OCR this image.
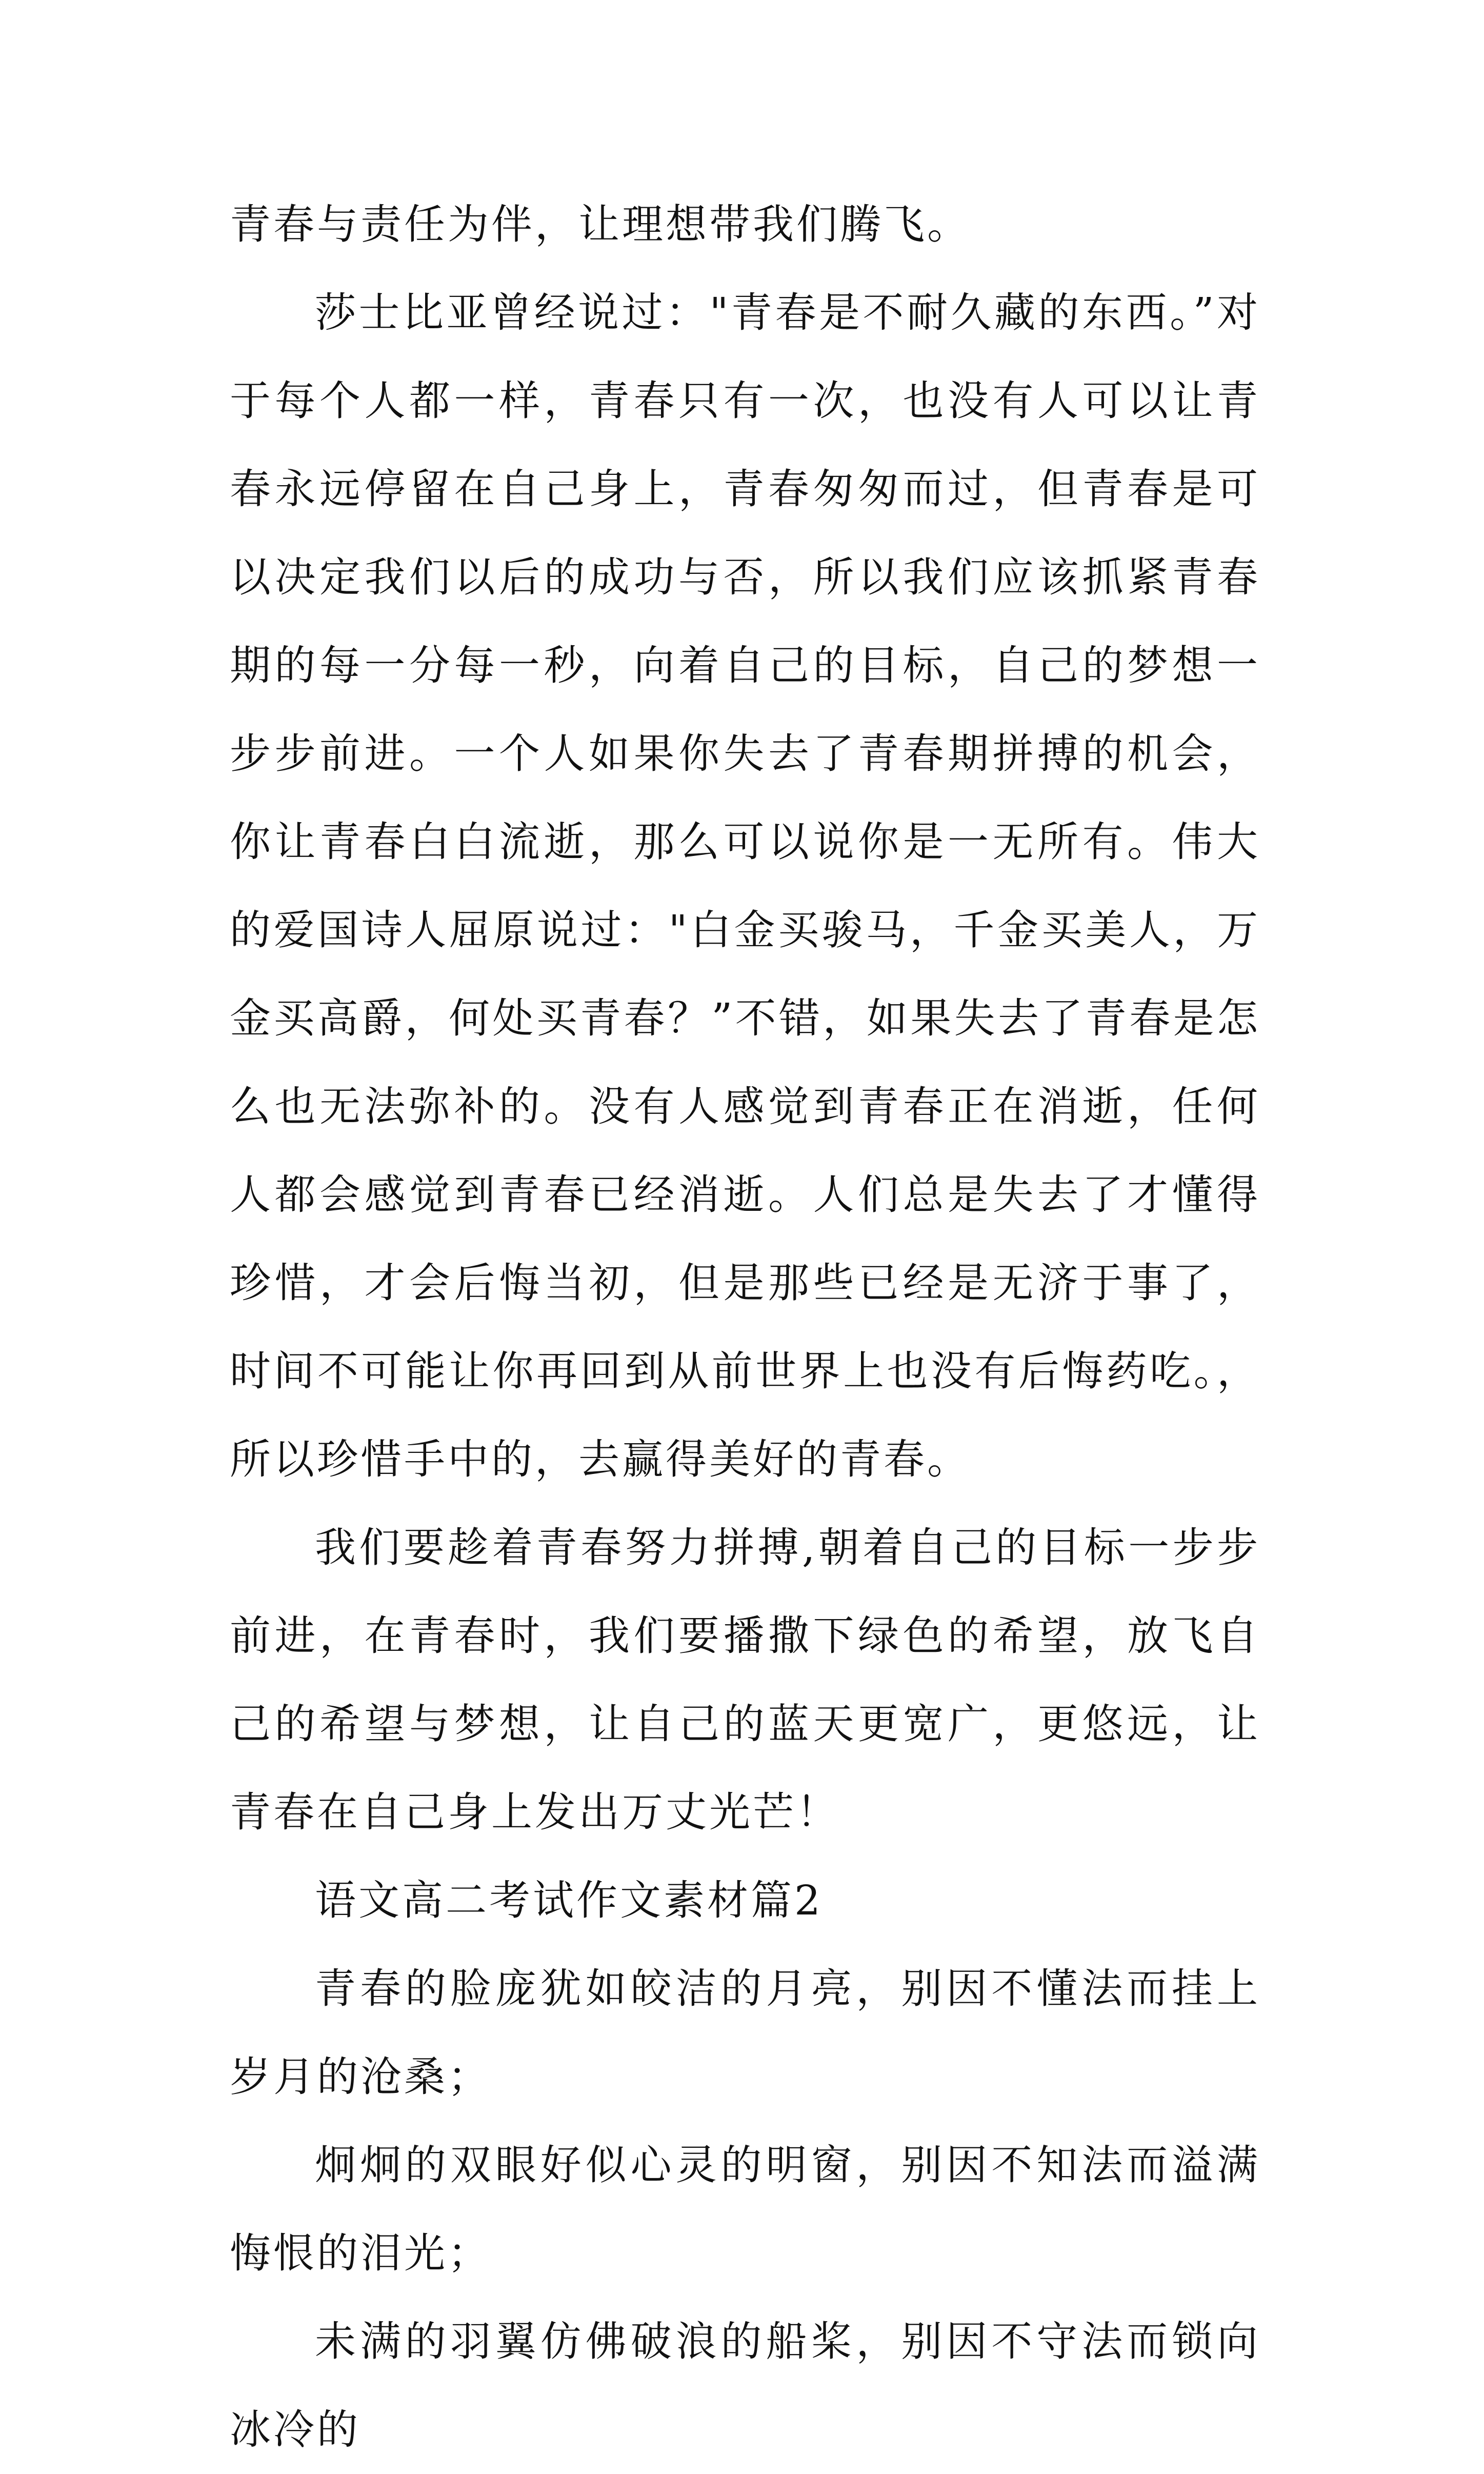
青春与责任为伴，让理想带我们腾飞。

莎士比亚曾经说过："青春是不耐久藏的东西。”对于每个人都一样，青春只有一次，也没有人可以让青春永远停留在自己身上，青春匆匆而过，但青春是可以决定我们以后的成功与否，所以我们应该抓紧青春期的每一分每一秒，向着自己的目标，自己的梦想一步步前进。一个人如果你失去了青春期拼搏的机会，你让青春白白流逝，那么可以说你是一无所有。伟大的爱国诗人屈原说过："白金买骏马，千金买美人，万金买高爵，何处买青春？”不错，如果失去了青春是怎么也无法弥补的。没有人感觉到青春正在消逝，任何人都会感觉到青春已经消逝。人们总是失去了才懂得珍惜，才会后悔当初，但是那些已经是无济于事了，时间不可能让你再回到从前世界上也没有后悔药吃。，所以珍惜手中的，去赢得美好的青春。

我们要趁着青春努力拼搏,朝着自己的目标一步步前进，在青春时，我们要播撒下绿色的希望，放飞自己的希望与梦想，让自己的蓝天更宽广，更悠远，让青春在自己身上发出万丈光芒！

语文高二考试作文素材篇2

青春的脸庞犹如皎洁的月亮，别因不懂法而挂上岁月的沧桑；

炯炯的双眼好似心灵的明窗，别因不知法而溢满悔恨的泪光；

未满的羽翼仿佛破浪的船桨，别因不守法而锁向冰冷的
